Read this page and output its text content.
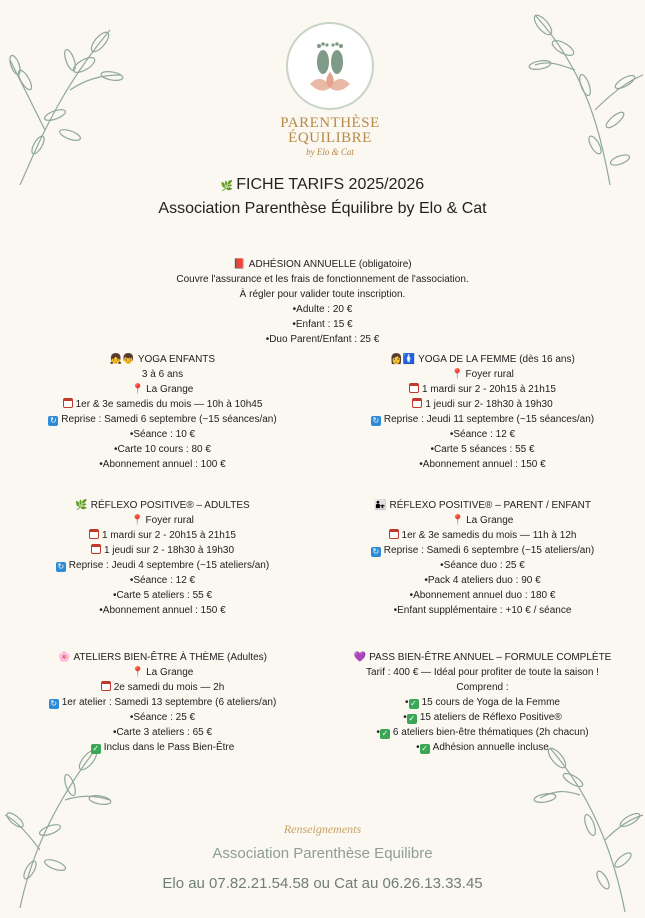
PARENTHÈSE
ÉQUILIBRE
by Elo & Cat
🌿 FICHE TARIFS 2025/2026
Association Parenthèse Équilibre by Elo & Cat
📕 ADHÉSION ANNUELLE (obligatoire)
Couvre l'assurance et les frais de fonctionnement de l'association.
À régler pour valider toute inscription.
•Adulte : 20 €
•Enfant : 15 €
•Duo Parent/Enfant : 25 €
👧👦 YOGA ENFANTS
3 à 6 ans
📍 La Grange
1er & 3e samedis du mois — 10h à 10h45
↻ Reprise : Samedi 6 septembre (~15 séances/an)
•Séance : 10 €
•Carte 10 cours : 80 €
•Abonnement annuel : 100 €
👩🚺 YOGA DE LA FEMME (dès 16 ans)
📍 Foyer rural
1 mardi sur 2 - 20h15 à 21h15
1 jeudi sur 2- 18h30 à 19h30
↻ Reprise : Jeudi 11 septembre (~15 séances/an)
•Séance : 12 €
•Carte 5 séances : 55 €
•Abonnement annuel : 150 €
🌿 RÉFLEXO POSITIVE® – ADULTES
📍 Foyer rural
1 mardi sur 2 - 20h15 à 21h15
1 jeudi sur 2 - 18h30 à 19h30
↻ Reprise : Jeudi 4 septembre (~15 ateliers/an)
•Séance : 12 €
•Carte 5 ateliers : 55 €
•Abonnement annuel : 150 €
👨‍👧 RÉFLEXO POSITIVE® – PARENT / ENFANT
📍 La Grange
1er & 3e samedis du mois — 11h à 12h
↻ Reprise : Samedi 6 septembre (~15 ateliers/an)
•Séance duo : 25 €
•Pack 4 ateliers duo : 90 €
•Abonnement annuel duo : 180 €
•Enfant supplémentaire : +10 € / séance
🌸 ATELIERS BIEN-ÊTRE À THÈME (Adultes)
📍 La Grange
2e samedi du mois — 2h
↻ 1er atelier : Samedi 13 septembre (6 ateliers/an)
•Séance : 25 €
•Carte 3 ateliers : 65 €
✓ Inclus dans le Pass Bien-Être
💜 PASS BIEN-ÊTRE ANNUEL – FORMULE COMPLÈTE
Tarif : 400 € — Idéal pour profiter de toute la saison !
Comprend :
• ✓ 15 cours de Yoga de la Femme
• ✓ 15 ateliers de Réflexo Positive®
• ✓ 6 ateliers bien-être thématiques (2h chacun)
• ✓ Adhésion annuelle incluse
Renseignements
Association Parenthèse Equilibre
Elo au 07.82.21.54.58 ou Cat au 06.26.13.33.45
